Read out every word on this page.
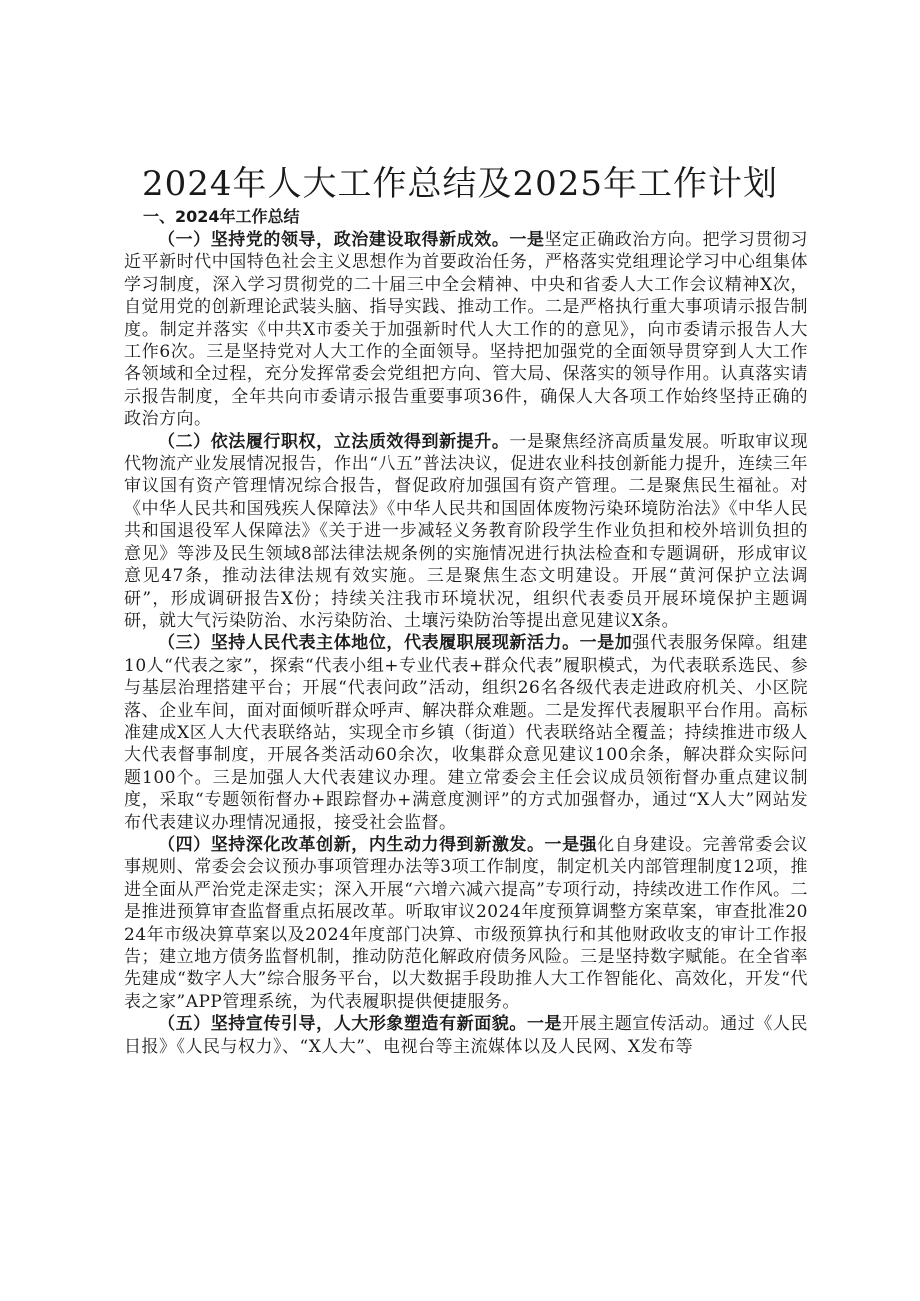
2024年人大工作总结及2025年工作计划
一、2024年工作总结

（一）坚持党的领导，政治建设取得新成效。一是坚定正确政治方向。把学习贯彻习近平新时代中国特色社会主义思想作为首要政治任务，严格落实党组理论学习中心组集体学习制度，深入学习贯彻党的二十届三中全会精神、中央和省委人大工作会议精神X次，自觉用党的创新理论武装头脑、指导实践、推动工作。二是严格执行重大事项请示报告制度。制定并落实《中共X市委关于加强新时代人大工作的的意见》，向市委请示报告人大工作6次。三是坚持党对人大工作的全面领导。坚持把加强党的全面领导贯穿到人大工作各领域和全过程，充分发挥常委会党组把方向、管大局、保落实的领导作用。认真落实请示报告制度，全年共向市委请示报告重要事项36件，确保人大各项工作始终坚持正确的政治方向。

（二）依法履行职权，立法质效得到新提升。一是聚焦经济高质量发展。听取审议现代物流产业发展情况报告，作出“八五”普法决议，促进农业科技创新能力提升，连续三年审议国有资产管理情况综合报告，督促政府加强国有资产管理。二是聚焦民生福祉。对《中华人民共和国残疾人保障法》《中华人民共和国固体废物污染环境防治法》《中华人民共和国退役军人保障法》《关于进一步减轻义务教育阶段学生作业负担和校外培训负担的意见》等涉及民生领域8部法律法规条例的实施情况进行执法检查和专题调研，形成审议意见47条，推动法律法规有效实施。三是聚焦生态文明建设。开展“黄河保护立法调研”，形成调研报告X份；持续关注我市环境状况，组织代表委员开展环境保护主题调研，就大气污染防治、水污染防治、土壤污染防治等提出意见建议X条。

（三）坚持人民代表主体地位，代表履职展现新活力。一是加强代表服务保障。组建10人“代表之家”，探索“代表小组+专业代表+群众代表”履职模式，为代表联系选民、参与基层治理搭建平台；开展“代表问政”活动，组织26名各级代表走进政府机关、小区院落、企业车间，面对面倾听群众呼声、解决群众难题。二是发挥代表履职平台作用。高标准建成X区人大代表联络站，实现全市乡镇（街道）代表联络站全覆盖；持续推进市级人大代表督事制度，开展各类活动60余次，收集群众意见建议100余条，解决群众实际问题100个。三是加强人大代表建议办理。建立常委会主任会议成员领衔督办重点建议制度，采取“专题领衔督办+跟踪督办+满意度测评”的方式加强督办，通过“X人大”网站发布代表建议办理情况通报，接受社会监督。

（四）坚持深化改革创新，内生动力得到新激发。一是强化自身建设。完善常委会议事规则、常委会会议预办事项管理办法等3项工作制度，制定机关内部管理制度12项，推进全面从严治党走深走实；深入开展“六增六减六提高”专项行动，持续改进工作作风。二是推进预算审查监督重点拓展改革。听取审议2024年度预算调整方案草案，审查批准2024年市级决算草案以及2024年度部门决算、市级预算执行和其他财政收支的审计工作报告；建立地方债务监督机制，推动防范化解政府债务风险。三是坚持数字赋能。在全省率先建成“数字人大”综合服务平台，以大数据手段助推人大工作智能化、高效化，开发“代表之家”APP管理系统，为代表履职提供便捷服务。

（五）坚持宣传引导，人大形象塑造有新面貌。一是开展主题宣传活动。通过《人民日报》《人民与权力》、“X人大”、电视台等主流媒体以及人民网、X发布等
